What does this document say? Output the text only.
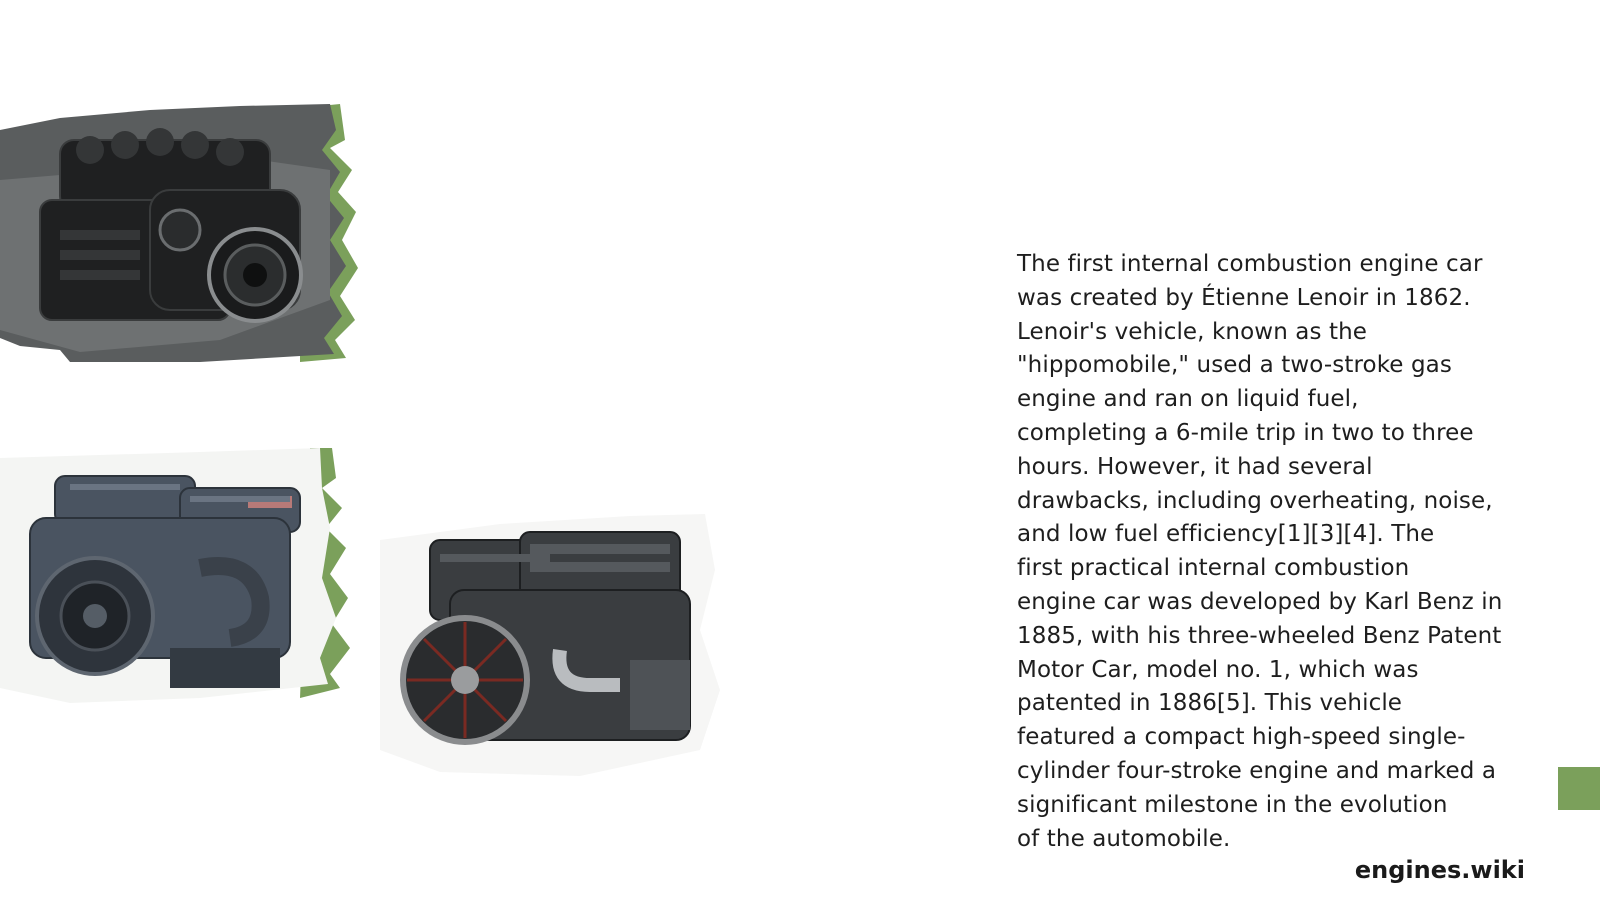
The first internal combustion engine car
was created by Étienne Lenoir in 1862.
Lenoir's vehicle, known as the
"hippomobile," used a two-stroke gas
engine and ran on liquid fuel,
completing a 6-mile trip in two to three
hours. However, it had several
drawbacks, including overheating, noise,
and low fuel efficiency[1][3][4]. The
first practical internal combustion
engine car was developed by Karl Benz in
1885, with his three-wheeled Benz Patent
Motor Car, model no. 1, which was
patented in 1886[5]. This vehicle
featured a compact high-speed single-
cylinder four-stroke engine and marked a
significant milestone in the evolution
of the automobile.
engines.wiki
